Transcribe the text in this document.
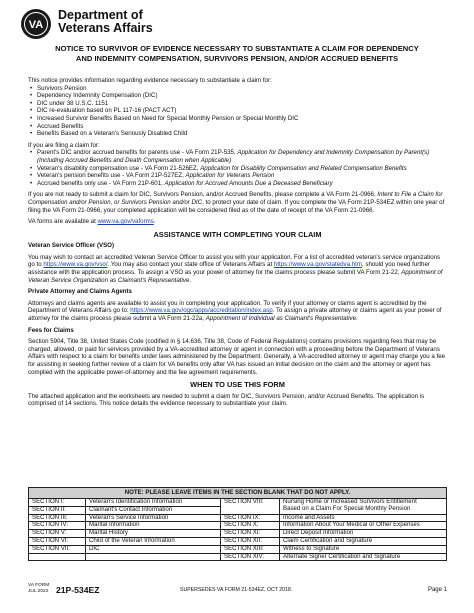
VA
Department of
Veterans Affairs
NOTICE TO SURVIVOR OF EVIDENCE NECESSARY TO SUBSTANTIATE A CLAIM FOR DEPENDENCY
AND INDEMNITY COMPENSATION, SURVIVORS PENSION, AND/OR ACCRUED BENEFITS

This notice provides information regarding evidence necessary to substantiate a claim for:

• Survivors Pension
• Dependency Indemnity Compensation (DIC)
• DIC under 38 U.S.C. 1151
• DIC re-evaluation based on PL 117-16 (PACT ACT)
• Increased Survivor Benefits Based on Need for Special Monthly Pension or Special Monthly DIC
• Accrued Benefits
• Benefits Based on a Veteran's Seriously Disabled Child

If you are filing a claim for:

• Parent's DIC and/or accrued benefits for parents use - VA Form 21P-535, Application for Dependency and Indemnity Compensation by Parent(s) (Including Accrued Benefits and Death Compensation when Applicable)
• Veteran's disability compensation use - VA Form 21-526EZ, Application for Disability Compensation and Related Compensation Benefits
• Veteran's pension benefits use - VA Form 21P-527EZ, Application for Veterans Pension
• Accrued benefits only use - VA Form 21P-601, Application for Accrued Amounts Due a Deceased Beneficiary

If you are not ready to submit a claim for DIC, Survivors Pension, and/or Accrued Benefits, please complete a VA Form 21-0966, Intent to File a Claim for Compensation and/or Pension, or Survivors Pension and/or DIC, to protect your date of claim. If you complete the VA Form 21P-534EZ within one year of filing the VA Form 21-0966, your completed application will be considered filed as of the date of receipt of the VA Form 21-0966.

VA forms are available at www.va.gov/vaforms.

ASSISTANCE WITH COMPLETING YOUR CLAIM

Veteran Service Officer (VSO)

You may wish to contact an accredited Veteran Service Officer to assist you with your application. For a list of accredited veteran's service organizations go to https://www.va.gov/vso/. You may also contact your state office of Veterans Affairs at https://www.va.gov/statedva.htm, should you need further assistance with the application process. To assign a VSO as your power of attorney for the claims process please submit VA Form 21-22, Appointment of Veteran Service Organization as Claimant's Representative.

Private Attorney and Claims Agents

Attorneys and claims agents are available to assist you in completing your application. To verify if your attorney or claims agent is accredited by the Department of Veterans Affairs go to: https://www.va.gov/ogc/apps/accreditation/index.asp. To assign a private attorney or claims agent as your power of attorney for the claims process please submit a VA Form 21-22a, Appointment of Individual as Claimant's Representative.

Fees for Claims

Section 5904, Title 38, United States Code (codified in § 14.636, Title 38, Code of Federal Regulations) contains provisions regarding fees that may be charged, allowed, or paid for services provided by a VA-accredited attorney or agent in connection with a proceeding before the Department of Veterans Affairs with respect to a claim for benefits under laws administered by the Department. Generally, a VA-accredited attorney or agent may charge you a fee for assisting in seeking further review of a claim for VA benefits only after VA has issued an initial decision on the claim and the attorney or agent has complied with the applicable power-of-attorney and the fee agreement requirements.

WHEN TO USE THIS FORM

The attached application and the worksheets are needed to submit a claim for DIC, Survivors Pension, and/or Accrued Benefits. The application is comprised of 14 sections. This notice details the evidence necessary to substantiate your claim.

NOTE: PLEASE LEAVE ITEMS IN THE SECTION BLANK THAT DO NOT APPLY.			
SECTION I:	Veteran's Identification Information	SECTION VIII:	Nursing Home or Increased Survivors Entitlement
Based on a Claim For Special Monthly Pension

SECTION II:	Claimant's Contact Information		
SECTION III:	Veteran's Service Information	SECTION IX:	Income and Assets
SECTION IV:	Marital Information	SECTION X:	Information About Your Medical or Other Expenses
SECTION V:	Marital History	SECTION XI:	Direct Deposit Information
SECTION VI:	Child of the Veteran Information	SECTION XII:	Claim Certification and Signature
SECTION VII:	DIC	SECTION XIII:	Witness to Signature
		SECTION XIV:	Alternate Signer Certification and Signature
VA FORM
JUL 2022 21P-534EZ	SUPERSEDES VA FORM 21-534EZ, OCT 2018.	Page 1
